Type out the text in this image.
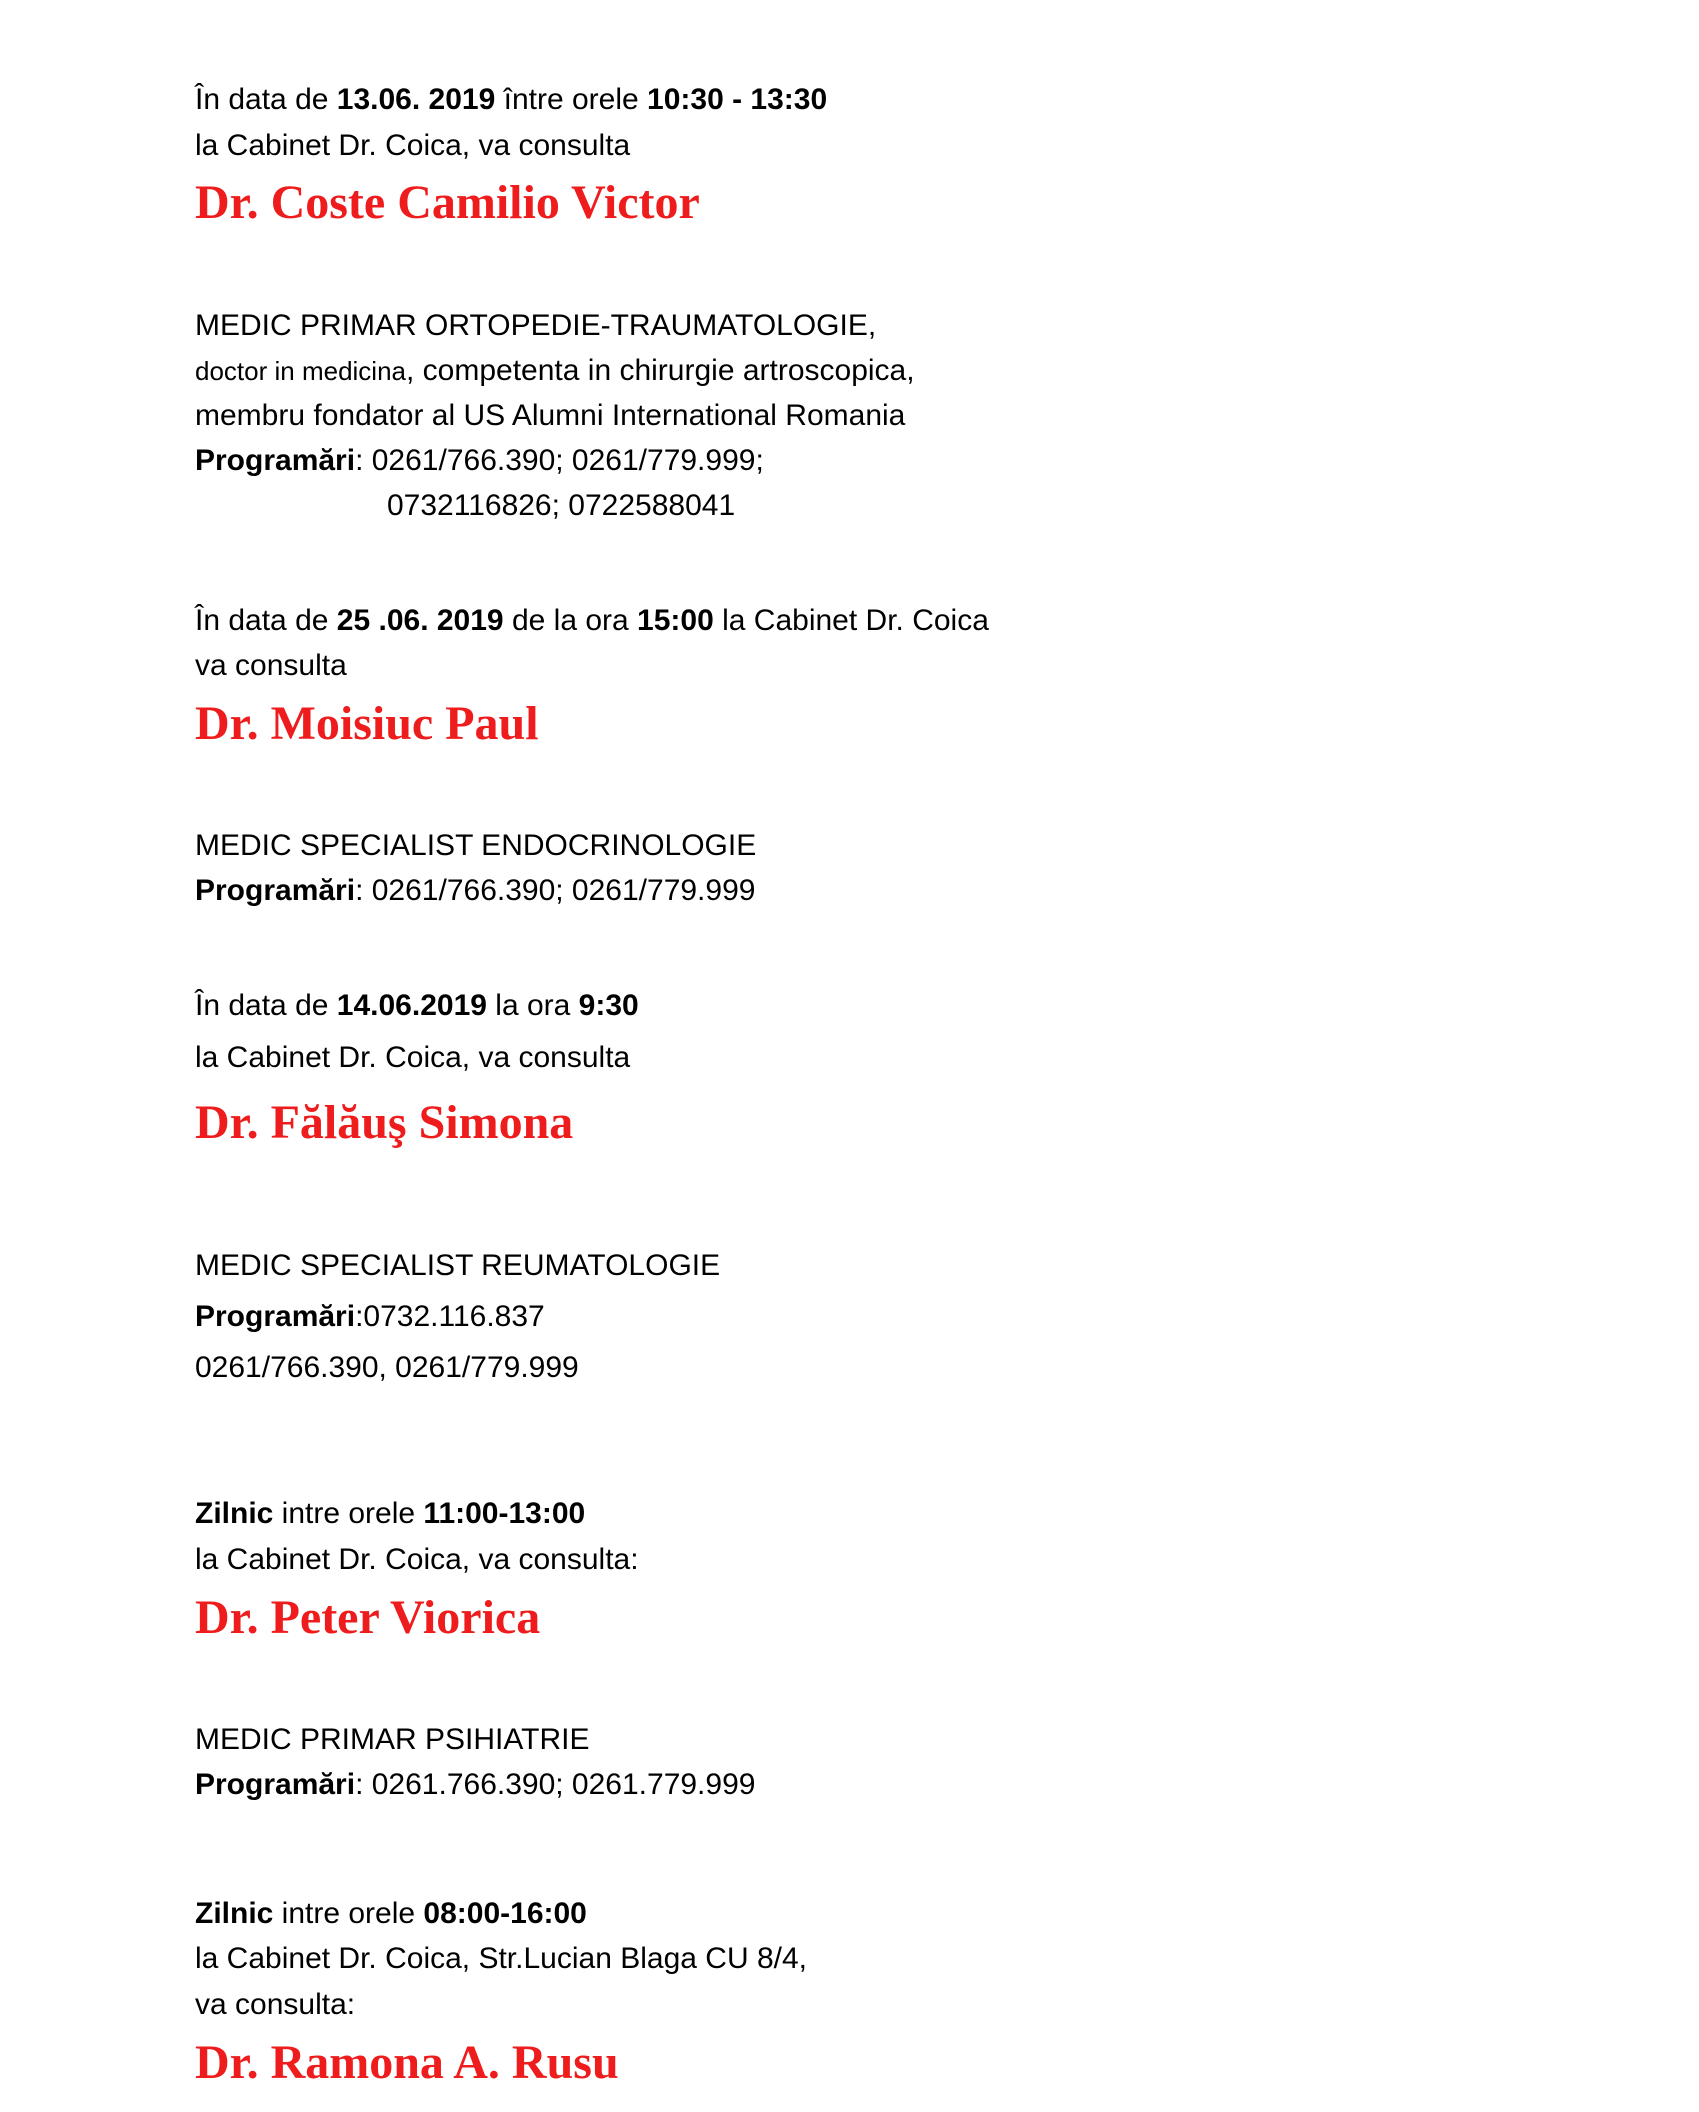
În data de 13.06. 2019 între orele 10:30 - 13:30
la Cabinet Dr. Coica, va consulta
Dr. Coste Camilio Victor
MEDIC PRIMAR ORTOPEDIE-TRAUMATOLOGIE,
doctor in medicina, competenta in chirurgie artroscopica,
membru fondator al US Alumni International Romania
Programări: 0261/766.390; 0261/779.999;
0732116826; 0722588041
În data de 25 .06. 2019 de la ora 15:00 la Cabinet Dr. Coica
va consulta
Dr. Moisiuc Paul
MEDIC SPECIALIST ENDOCRINOLOGIE
Programări: 0261/766.390; 0261/779.999
În data de 14.06.2019 la ora 9:30
la Cabinet Dr. Coica, va consulta
Dr. Fălăuş Simona
MEDIC SPECIALIST REUMATOLOGIE
Programări:0732.116.837
0261/766.390, 0261/779.999
Zilnic intre orele 11:00-13:00
la Cabinet Dr. Coica, va consulta:
Dr. Peter Viorica
MEDIC PRIMAR PSIHIATRIE
Programări: 0261.766.390; 0261.779.999
Zilnic intre orele 08:00-16:00
la Cabinet Dr. Coica, Str.Lucian Blaga CU 8/4,
va consulta:
Dr. Ramona A. Rusu
